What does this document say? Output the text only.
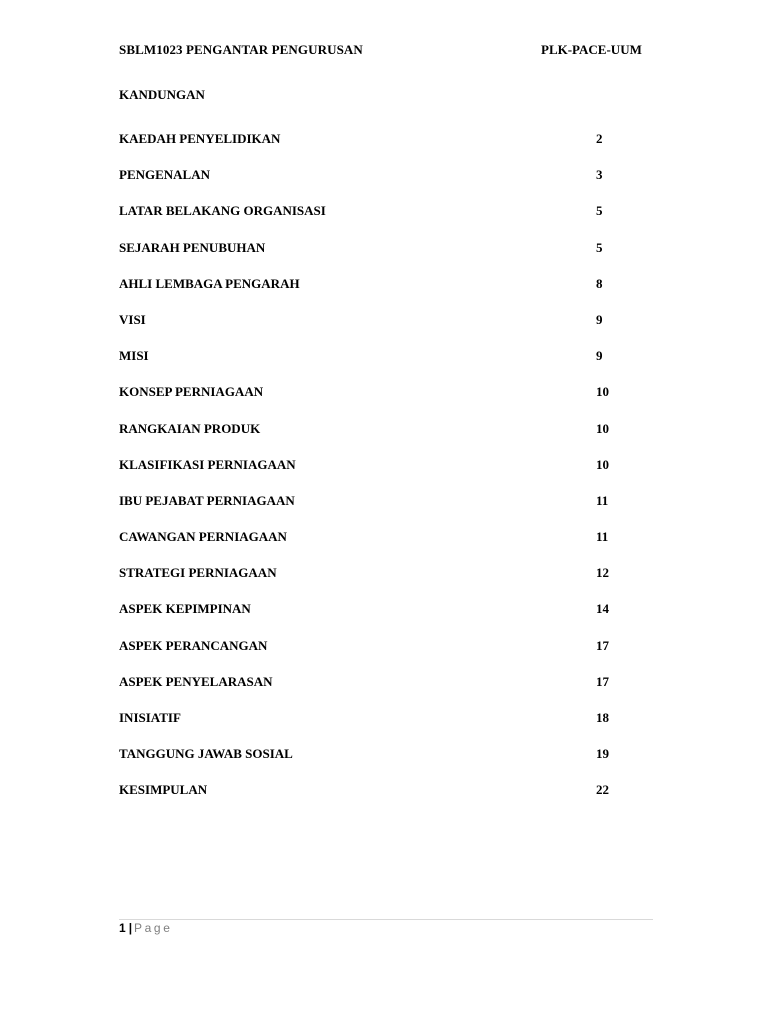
SBLM1023 PENGANTAR PENGURUSAN	PLK-PACE-UUM
KANDUNGAN
KAEDAH PENYELIDIKAN	2
PENGENALAN	3
LATAR BELAKANG ORGANISASI	5
SEJARAH PENUBUHAN	5
AHLI LEMBAGA PENGARAH	8
VISI	9
MISI	9
KONSEP PERNIAGAAN	10
RANGKAIAN PRODUK	10
KLASIFIKASI PERNIAGAAN	10
IBU PEJABAT PERNIAGAAN	11
CAWANGAN PERNIAGAAN	11
STRATEGI PERNIAGAAN	12
ASPEK KEPIMPINAN	14
ASPEK PERANCANGAN	17
ASPEK PENYELARASAN	17
INISIATIF	18
TANGGUNG JAWAB SOSIAL	19
KESIMPULAN	22
1 | Page
